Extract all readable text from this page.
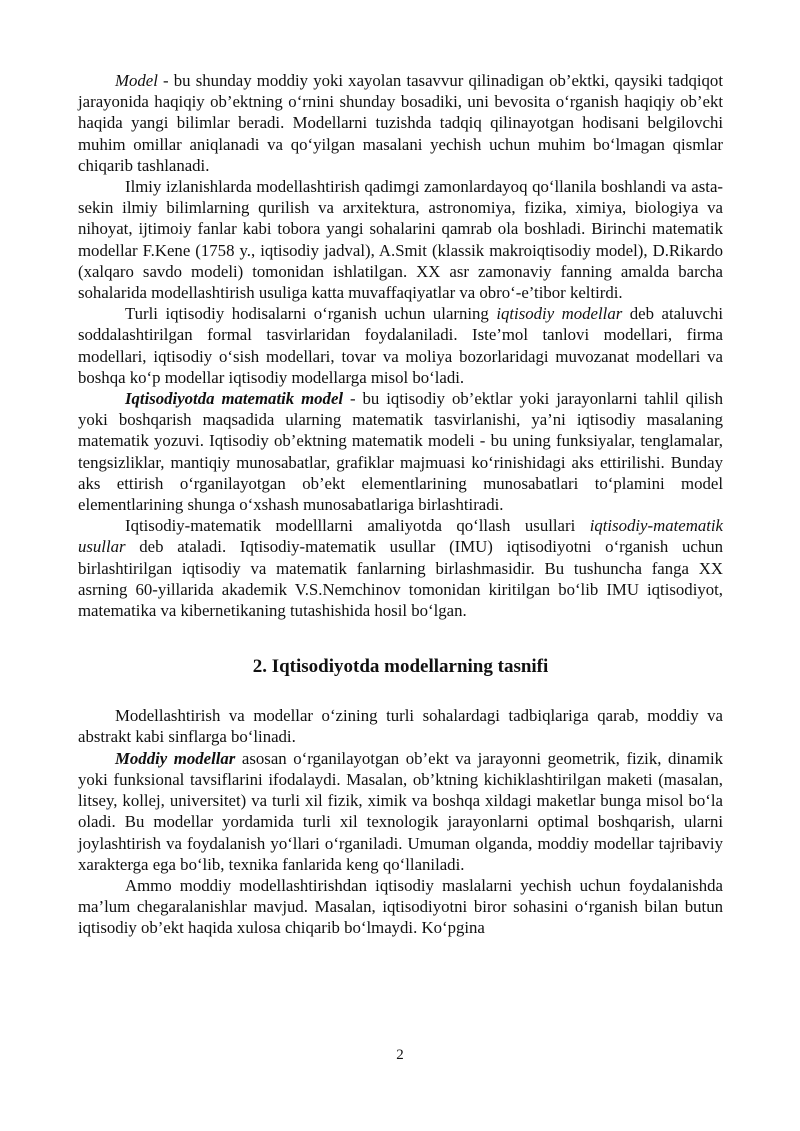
Model - bu shunday moddiy yoki xayolan tasavvur qilinadigan ob’ektki, qaysiki tadqiqot jarayonida haqiqiy ob’ektning o‘rnini shunday bosadiki, uni bevosita o‘rganish haqiqiy ob’ekt haqida yangi bilimlar beradi. Modellarni tuzishda tadqiq qilinayotgan hodisani belgilovchi muhim omillar aniqlanadi va qo‘yilgan masalani yechish uchun muhim bo‘lmagan qismlar chiqarib tashlanadi.

Ilmiy izlanishlarda modellashtirish qadimgi zamonlardayoq qo‘llanila boshlandi va asta-sekin ilmiy bilimlarning qurilish va arxitektura, astronomiya, fizika, ximiya, biologiya va nihoyat, ijtimoiy fanlar kabi tobora yangi sohalarini qamrab ola boshladi. Birinchi matematik modellar F.Kene (1758 y., iqtisodiy jadval), A.Smit (klassik makroiqtisodiy model), D.Rikardo (xalqaro savdo modeli) tomonidan ishlatilgan. XX asr zamonaviy fanning amalda barcha sohalarida modellashtirish usuliga katta muvaffaqiyatlar va obro‘-e’tibor keltirdi.

Turli iqtisodiy hodisalarni o‘rganish uchun ularning iqtisodiy modellar deb ataluvchi soddalashtirilgan formal tasvirlaridan foydalaniladi. Iste’mol tanlovi modellari, firma modellari, iqtisodiy o‘sish modellari, tovar va moliya bozorlaridagi muvozanat modellari va boshqa ko‘p modellar iqtisodiy modellarga misol bo‘ladi.

Iqtisodiyotda matematik model - bu iqtisodiy ob’ektlar yoki jarayonlarni tahlil qilish yoki boshqarish maqsadida ularning matematik tasvirlanishi, ya’ni iqtisodiy masalaning matematik yozuvi. Iqtisodiy ob’ektning matematik modeli - bu uning funksiyalar, tenglamalar, tengsizliklar, mantiqiy munosabatlar, grafiklar majmuasi ko‘rinishidagi aks ettirilishi. Bunday aks ettirish o‘rganilayotgan ob’ekt elementlarining munosabatlari to‘plamini model elementlarining shunga o‘xshash munosabatlariga birlashtiradi.

Iqtisodiy-matematik modelllarni amaliyotda qo‘llash usullari iqtisodiy-matematik usullar deb ataladi. Iqtisodiy-matematik usullar (IMU) iqtisodiyotni o‘rganish uchun birlashtirilgan iqtisodiy va matematik fanlarning birlashmasidir. Bu tushuncha fanga XX asrning 60-yillarida akademik V.S.Nemchinov tomonidan kiritilgan bo‘lib IMU iqtisodiyot, matematika va kibernetikaning tutashishida hosil bo‘lgan.

2. Iqtisodiyotda modellarning tasnifi

Modellashtirish va modellar o‘zining turli sohalardagi tadbiqlariga qarab, moddiy va abstrakt kabi sinflarga bo‘linadi.

Moddiy modellar asosan o‘rganilayotgan ob’ekt va jarayonni geometrik, fizik, dinamik yoki funksional tavsiflarini ifodalaydi. Masalan, ob’ktning kichiklashtirilgan maketi (masalan, litsey, kollej, universitet) va turli xil fizik, ximik va boshqa xildagi maketlar bunga misol bo‘la oladi. Bu modellar yordamida turli xil texnologik jarayonlarni optimal boshqarish, ularni joylashtirish va foydalanish yo‘llari o‘rganiladi. Umuman olganda, moddiy modellar tajribaviy xarakterga ega bo‘lib, texnika fanlarida keng qo‘llaniladi.

Ammo moddiy modellashtirishdan iqtisodiy maslalarni yechish uchun foydalanishda ma’lum chegaralanishlar mavjud. Masalan, iqtisodiyotni biror sohasini o‘rganish bilan butun iqtisodiy ob’ekt haqida xulosa chiqarib bo‘lmaydi. Ko‘pgina

2
